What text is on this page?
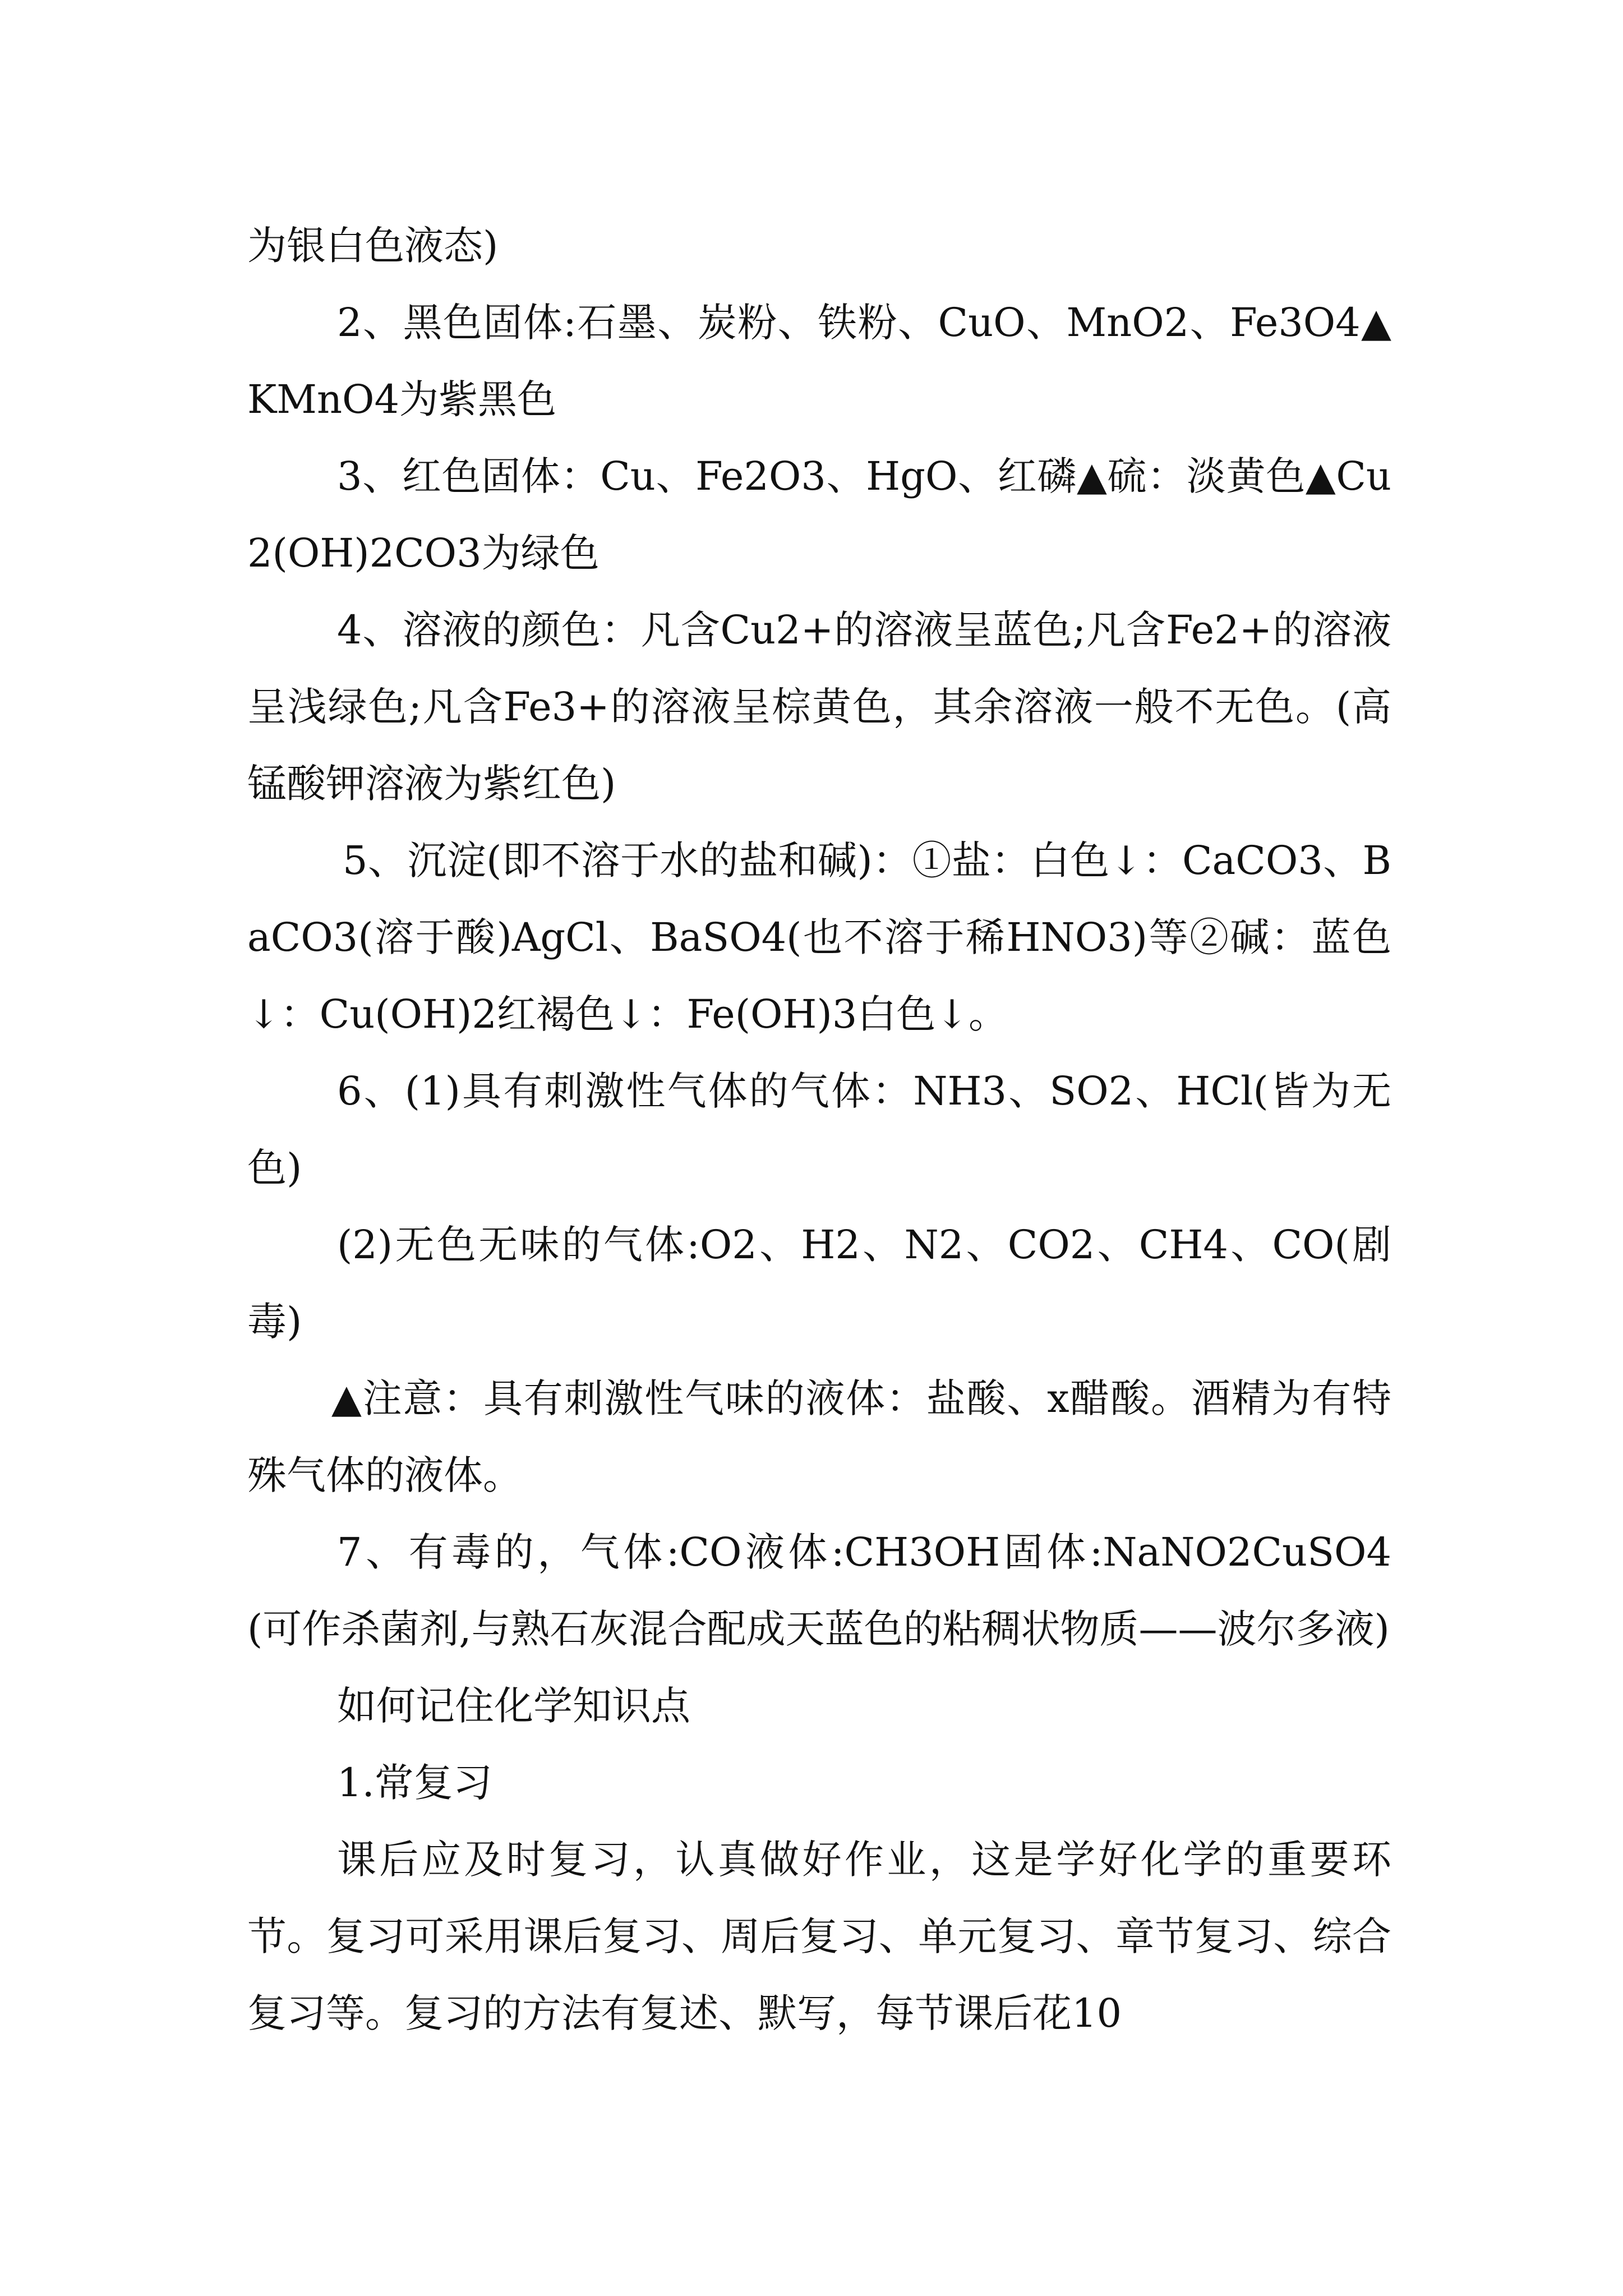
为银白色液态)

2、黑色固体:石墨、炭粉、铁粉、CuO、MnO2、Fe3O4▲KMnO4为紫黑色

3、红色固体：Cu、Fe2O3、HgO、红磷▲硫：淡黄色▲Cu2(OH)2CO3为绿色

4、溶液的颜色：凡含Cu2+的溶液呈蓝色;凡含Fe2+的溶液呈浅绿色;凡含Fe3+的溶液呈棕黄色，其余溶液一般不无色。(高锰酸钾溶液为紫红色)

5、沉淀(即不溶于水的盐和碱)：①盐：白色↓：CaCO3、BaCO3(溶于酸)AgCl、BaSO4(也不溶于稀HNO3)等②碱：蓝色↓：Cu(OH)2红褐色↓：Fe(OH)3白色↓。

6、(1)具有刺激性气体的气体：NH3、SO2、HCl(皆为无色)

(2)无色无味的气体:O2、H2、N2、CO2、CH4、CO(剧毒)

▲注意：具有刺激性气味的液体：盐酸、x醋酸。酒精为有特殊气体的液体。

7、有毒的，气体:CO液体:CH3OH固体:NaNO2CuSO4(可作杀菌剂,与熟石灰混合配成天蓝色的粘稠状物质——波尔多液)

如何记住化学知识点

1.常复习

课后应及时复习，认真做好作业，这是学好化学的重要环节。复习可采用课后复习、周后复习、单元复习、章节复习、综合复习等。复习的方法有复述、默写，每节课后花10
